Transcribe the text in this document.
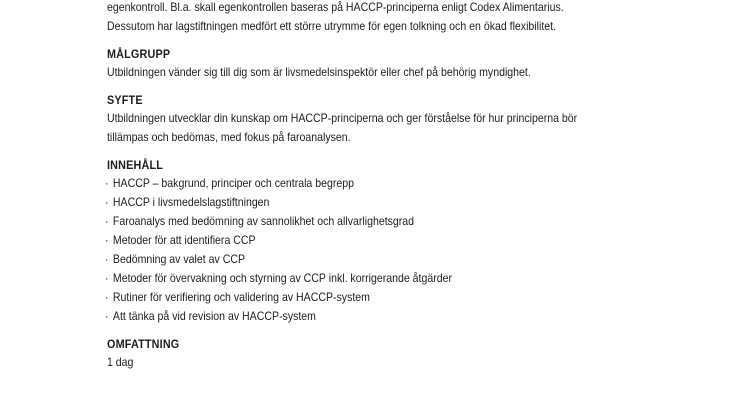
egenkontroll. Bl.a. skall egenkontrollen baseras på HACCP-principerna enligt Codex Alimentarius.
Dessutom har lagstiftningen medfört ett större utrymme för egen tolkning och en ökad flexibilitet.
MÅLGRUPP
Utbildningen vänder sig till dig som är livsmedelsinspektör eller chef på behörig myndighet.
SYFTE
Utbildningen utvecklar din kunskap om HACCP-principerna och ger förståelse för hur principerna bör
tillämpas och bedömas, med fokus på faroanalysen.
INNEHÅLL
· HACCP – bakgrund, principer och centrala begrepp
· HACCP i livsmedelslagstiftningen
· Faroanalys med bedömning av sannolikhet och allvarlighetsgrad
· Metoder för att identifiera CCP
· Bedömning av valet av CCP
· Metoder för övervakning och styrning av CCP inkl. korrigerande åtgärder
· Rutiner för verifiering och validering av HACCP-system
· Att tänka på vid revision av HACCP-system
OMFATTNING
1 dag
